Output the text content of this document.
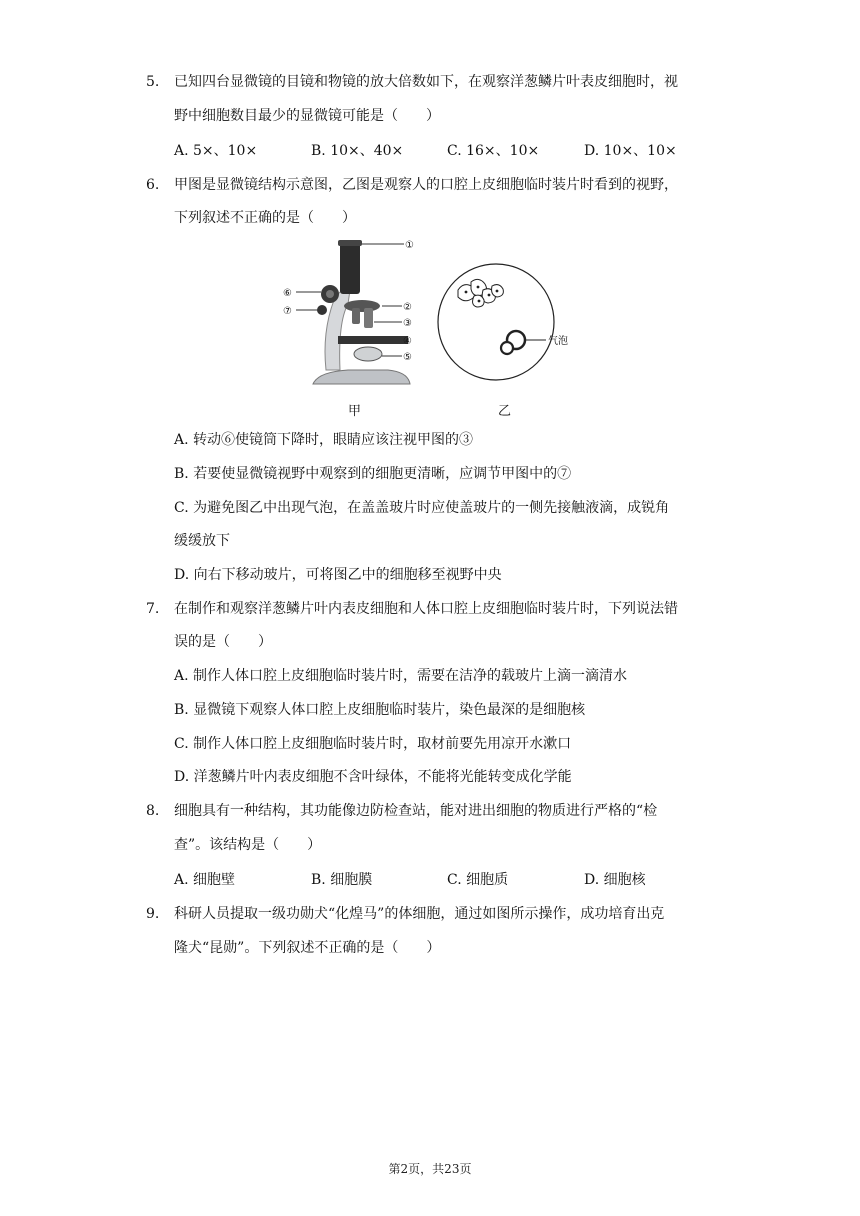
5. 已知四台显微镜的目镜和物镜的放大倍数如下，在观察洋葱鳞片叶表皮细胞时，视
野中细胞数目最少的显微镜可能是（　　）
A. 5×、10×	B. 10×、40×	C. 16×、10×	D. 10×、10×
6. 甲图是显微镜结构示意图，乙图是观察人的口腔上皮细胞临时装片时看到的视野，
下列叙述不正确的是（　　）
①
②
③
④
⑤
⑥
⑦
气泡
甲	乙
A. 转动⑥使镜筒下降时，眼睛应该注视甲图的③
B. 若要使显微镜视野中观察到的细胞更清晰，应调节甲图中的⑦
C. 为避免图乙中出现气泡，在盖盖玻片时应使盖玻片的一侧先接触液滴，成锐角
缓缓放下
D. 向右下移动玻片，可将图乙中的细胞移至视野中央
7. 在制作和观察洋葱鳞片叶内表皮细胞和人体口腔上皮细胞临时装片时，下列说法错
误的是（　　）
A. 制作人体口腔上皮细胞临时装片时，需要在洁净的载玻片上滴一滴清水
B. 显微镜下观察人体口腔上皮细胞临时装片，染色最深的是细胞核
C. 制作人体口腔上皮细胞临时装片时，取材前要先用凉开水漱口
D. 洋葱鳞片叶内表皮细胞不含叶绿体，不能将光能转变成化学能
8. 细胞具有一种结构，其功能像边防检查站，能对进出细胞的物质进行严格的“检
查”。该结构是（　　）
A. 细胞壁	B. 细胞膜	C. 细胞质	D. 细胞核
9. 科研人员提取一级功勋犬“化煌马”的体细胞，通过如图所示操作，成功培育出克
隆犬“昆勋”。下列叙述不正确的是（　　）
第2页，共23页
